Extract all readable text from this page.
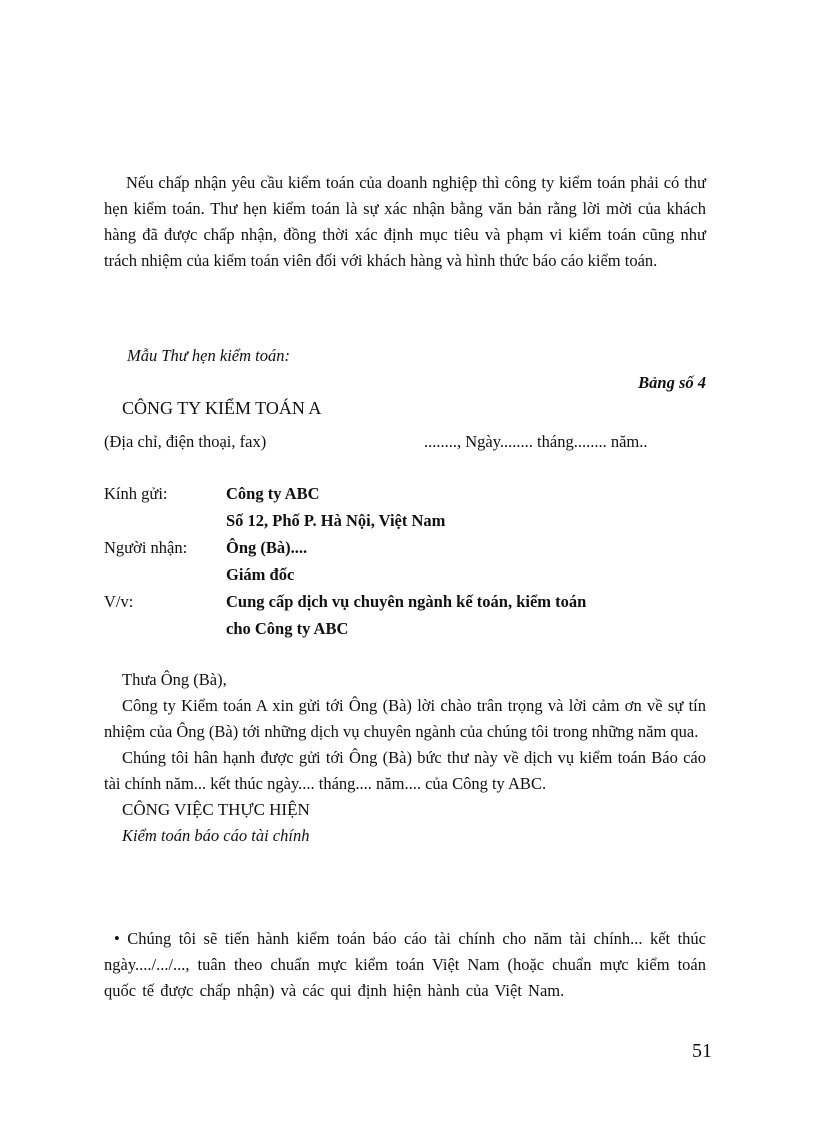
Nếu chấp nhận yêu cầu kiểm toán của doanh nghiệp thì công ty kiểm toán phải có thư hẹn kiểm toán. Thư hẹn kiểm toán là sự xác nhận bằng văn bản rằng lời mời của khách hàng đã được chấp nhận, đồng thời xác định mục tiêu và phạm vi kiểm toán cũng như trách nhiệm của kiểm toán viên đối với khách hàng và hình thức báo cáo kiểm toán.

Mẫu Thư hẹn kiểm toán:

Bảng số 4

CÔNG TY KIỂM TOÁN A

(Địa chỉ, điện thoại, fax)	........, Ngày........ tháng........ năm..

Kính gửi:	Công ty ABC
Số 12, Phố P. Hà Nội, Việt Nam
Người nhận:	Ông (Bà)....
Giám đốc
V/v:	Cung cấp dịch vụ chuyên ngành kế toán, kiểm toán
cho Công ty ABC

Thưa Ông (Bà),

Công ty Kiểm toán A xin gửi tới Ông (Bà) lời chào trân trọng và lời cảm ơn về sự tín nhiệm của Ông (Bà) tới những dịch vụ chuyên ngành của chúng tôi trong những năm qua.

Chúng tôi hân hạnh được gửi tới Ông (Bà) bức thư này về dịch vụ kiểm toán Báo cáo tài chính năm... kết thúc ngày.... tháng.... năm.... của Công ty ABC.

CÔNG VIỆC THỰC HIỆN

Kiểm toán báo cáo tài chính

• Chúng tôi sẽ tiến hành kiểm toán báo cáo tài chính cho năm tài chính... kết thúc ngày..../.../..., tuân theo chuẩn mực kiểm toán Việt Nam (hoặc chuẩn mực kiểm toán quốc tế được chấp nhận) và các qui định hiện hành của Việt Nam.

51
